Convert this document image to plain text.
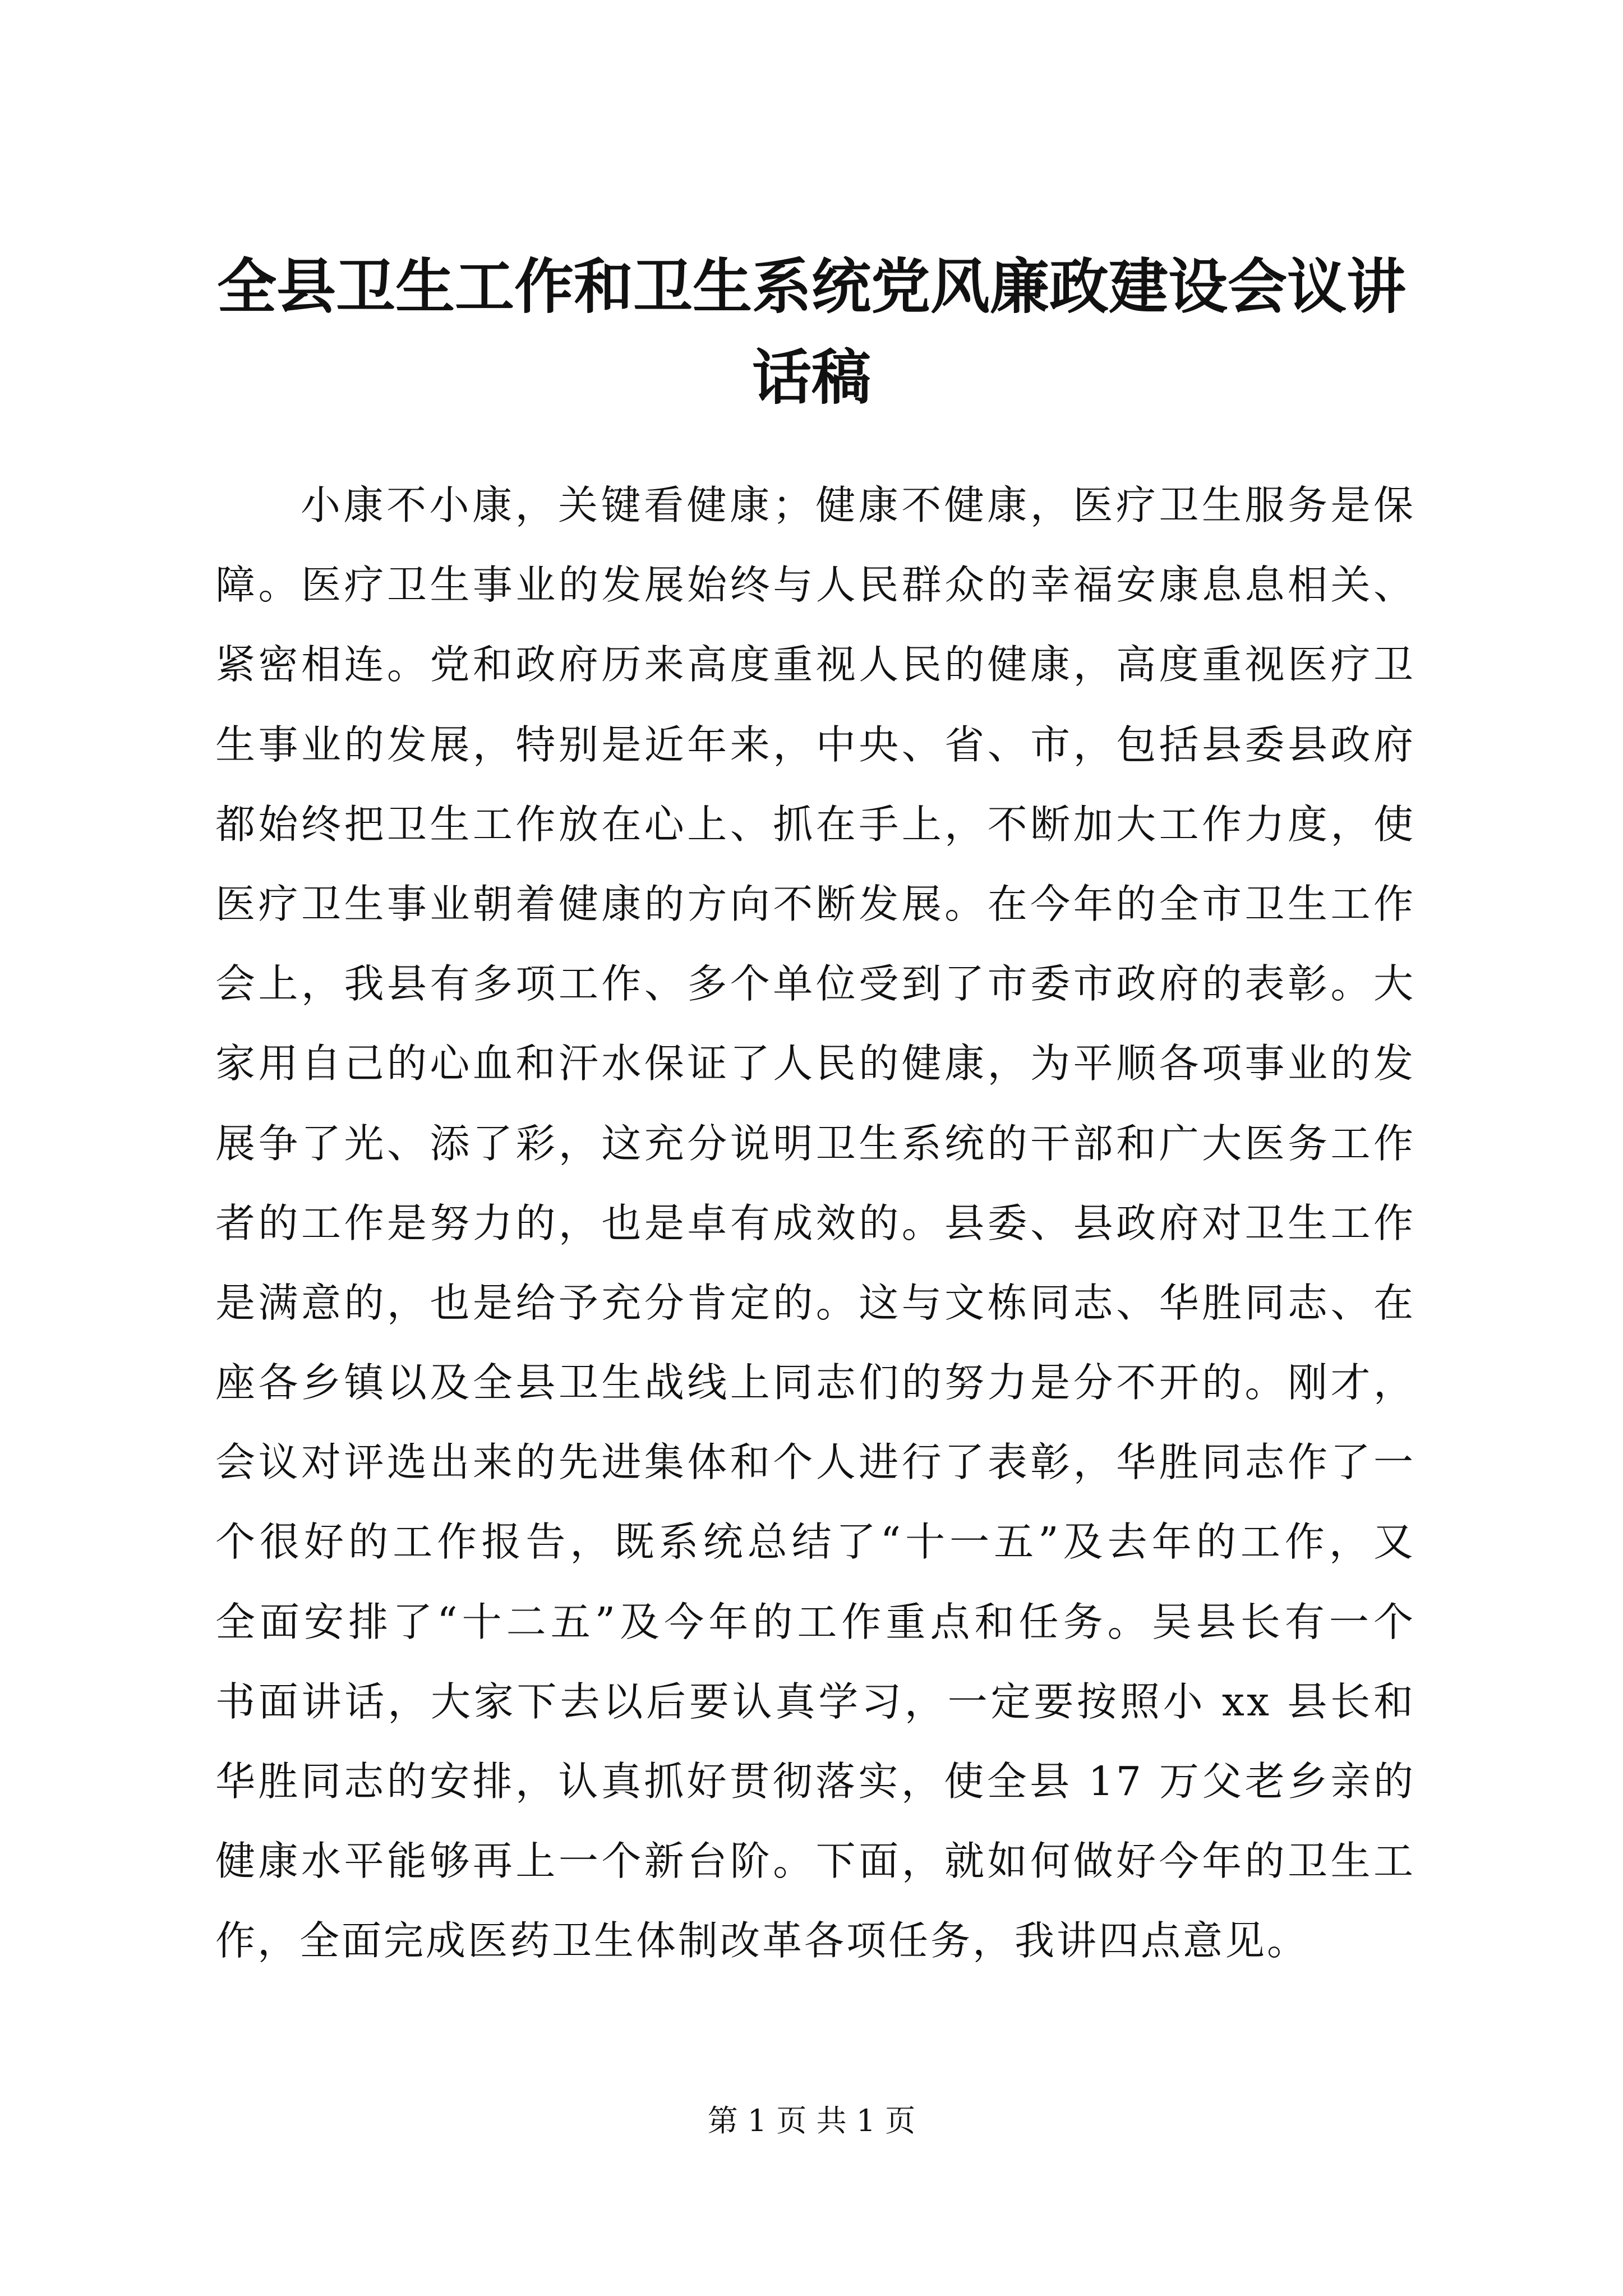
全县卫生工作和卫生系统党风廉政建设会议讲
话稿
小康不小康，关键看健康；健康不健康，医疗卫生服务是保
障。医疗卫生事业的发展始终与人民群众的幸福安康息息相关、
紧密相连。党和政府历来高度重视人民的健康，高度重视医疗卫
生事业的发展，特别是近年来，中央、省、市，包括县委县政府
都始终把卫生工作放在心上、抓在手上，不断加大工作力度，使
医疗卫生事业朝着健康的方向不断发展。在今年的全市卫生工作
会上，我县有多项工作、多个单位受到了市委市政府的表彰。大
家用自己的心血和汗水保证了人民的健康，为平顺各项事业的发
展争了光、添了彩，这充分说明卫生系统的干部和广大医务工作
者的工作是努力的，也是卓有成效的。县委、县政府对卫生工作
是满意的，也是给予充分肯定的。这与文栋同志、华胜同志、在
座各乡镇以及全县卫生战线上同志们的努力是分不开的。刚才，
会议对评选出来的先进集体和个人进行了表彰，华胜同志作了一
个很好的工作报告，既系统总结了“十一五”及去年的工作，又
全面安排了“十二五”及今年的工作重点和任务。吴县长有一个
书面讲话，大家下去以后要认真学习，一定要按照小 xx 县长和
华胜同志的安排，认真抓好贯彻落实，使全县 17 万父老乡亲的
健康水平能够再上一个新台阶。下面，就如何做好今年的卫生工
作，全面完成医药卫生体制改革各项任务，我讲四点意见。
第 1 页 共 1 页
